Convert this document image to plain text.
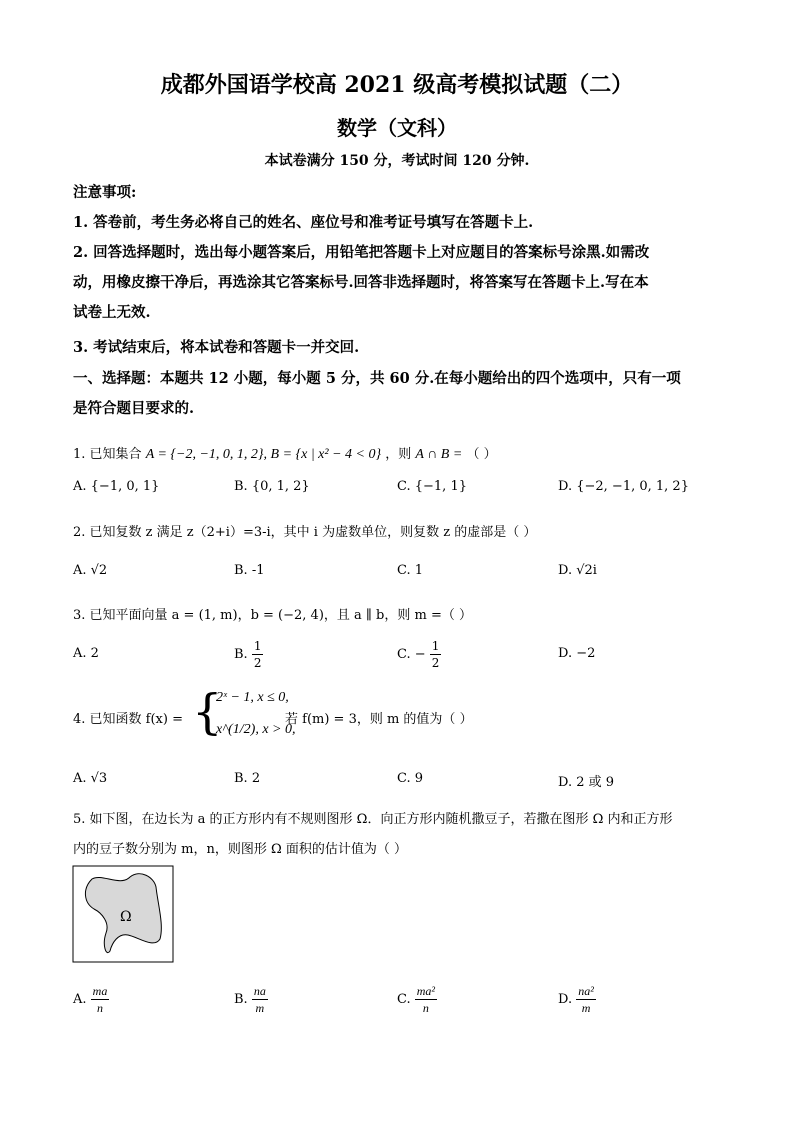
成都外国语学校高 2021 级高考模拟试题（二）
数学（文科）
本试卷满分 150 分，考试时间 120 分钟.
注意事项:
1. 答卷前，考生务必将自己的姓名、座位号和准考证号填写在答题卡上.
2. 回答选择题时，选出每小题答案后，用铅笔把答题卡上对应题目的答案标号涂黑.如需改
动，用橡皮擦干净后，再选涂其它答案标号.回答非选择题时，将答案写在答题卡上.写在本
试卷上无效.
3. 考试结束后，将本试卷和答题卡一并交回.
一、选择题：本题共 12 小题，每小题 5 分，共 60 分.在每小题给出的四个选项中，只有一项
是符合题目要求的.
1. 已知集合 A = {−2, −1, 0, 1, 2}, B = {x | x² − 4 < 0} ，则 A ∩ B = （ ）
A. {−1, 0, 1}	B. {0, 1, 2}	C. {−1, 1}	D. {−2, −1, 0, 1, 2}
2. 已知复数 z 满足 z（2+i）=3-i，其中 i 为虚数单位，则复数 z 的虚部是（ ）
A. √2	B. -1	C. 1	D. √2i
3. 已知平面向量 a = (1, m)，b = (−2, 4)，且 a ∥ b，则 m =（ ）
A. 2	B. $\frac{1}{2}$	C. − $\frac{1}{2}$	D. −2
4. 已知函数 f(x) = {
2ˣ − 1, x ≤ 0,
x^(1/2), x > 0,
若 f(m) = 3，则 m 的值为（ ）
A. √3	B. 2	C. 9	D. 2 或 9
5. 如下图，在边长为 a 的正方形内有不规则图形 Ω．向正方形内随机撒豆子，若撒在图形 Ω 内和正方形
内的豆子数分别为 m，n，则图形 Ω 面积的估计值为（ ）
Ω
A. $\frac{ma}{n}$	B. $\frac{na}{m}$	C. $\frac{\text{ma²}}{n}$	D. $\frac{\text{na²}}{m}$
